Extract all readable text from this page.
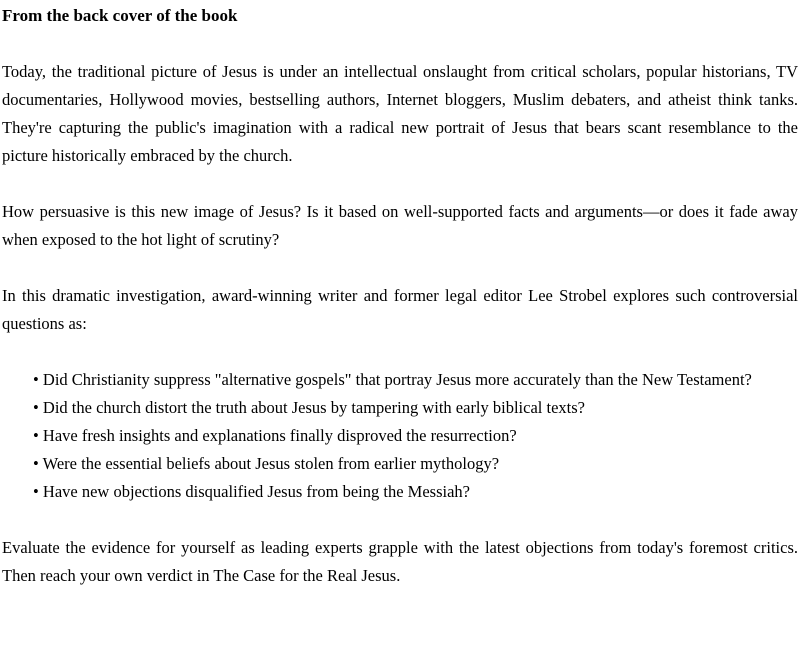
From the back cover of the book

Today, the traditional picture of Jesus is under an intellectual onslaught from critical scholars, popular historians, TV documentaries, Hollywood movies, bestselling authors, Internet bloggers, Muslim debaters, and atheist think tanks. They're capturing the public's imagination with a radical new portrait of Jesus that bears scant resemblance to the picture historically embraced by the church.

How persuasive is this new image of Jesus? Is it based on well-supported facts and arguments—or does it fade away when exposed to the hot light of scrutiny?

In this dramatic investigation, award-winning writer and former legal editor Lee Strobel explores such controversial questions as:

• Did Christianity suppress "alternative gospels" that portray Jesus more accurately than the New Testament?
• Did the church distort the truth about Jesus by tampering with early biblical texts?
• Have fresh insights and explanations finally disproved the resurrection?
• Were the essential beliefs about Jesus stolen from earlier mythology?
• Have new objections disqualified Jesus from being the Messiah?

Evaluate the evidence for yourself as leading experts grapple with the latest objections from today's foremost critics. Then reach your own verdict in The Case for the Real Jesus.
